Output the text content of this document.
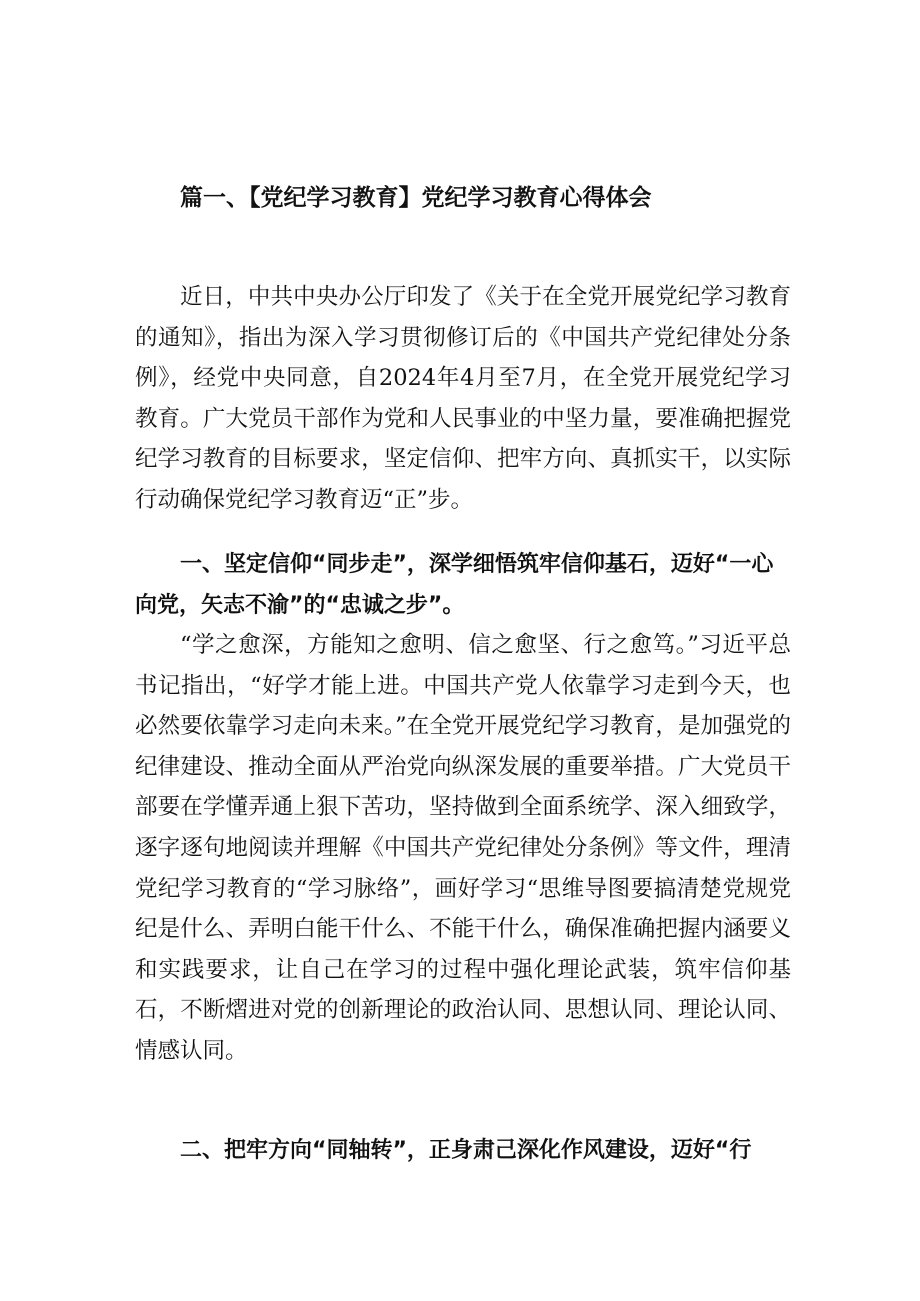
篇一、【党纪学习教育】党纪学习教育心得体会

近日，中共中央办公厅印发了《关于在全党开展党纪学习教育的通知》，指出为深入学习贯彻修订后的《中国共产党纪律处分条例》，经党中央同意，自2024年4月至7月，在全党开展党纪学习教育。广大党员干部作为党和人民事业的中坚力量，要准确把握党纪学习教育的目标要求，坚定信仰、把牢方向、真抓实干，以实际行动确保党纪学习教育迈“正”步。

一、坚定信仰“同步走”，深学细悟筑牢信仰基石，迈好“一心向党，矢志不渝”的“忠诚之步”。

“学之愈深，方能知之愈明、信之愈坚、行之愈笃。”习近平总书记指出，“好学才能上进。中国共产党人依靠学习走到今天，也必然要依靠学习走向未来。”在全党开展党纪学习教育，是加强党的纪律建设、推动全面从严治党向纵深发展的重要举措。广大党员干部要在学懂弄通上狠下苦功，坚持做到全面系统学、深入细致学，逐字逐句地阅读并理解《中国共产党纪律处分条例》等文件，理清党纪学习教育的“学习脉络”，画好学习“思维导图要搞清楚党规党纪是什么、弄明白能干什么、不能干什么，确保准确把握内涵要义和实践要求，让自己在学习的过程中强化理论武装，筑牢信仰基石，不断熠进对党的创新理论的政治认同、思想认同、理论认同、情感认同。

二、把牢方向“同轴转”，正身肃己深化作风建设，迈好“行
